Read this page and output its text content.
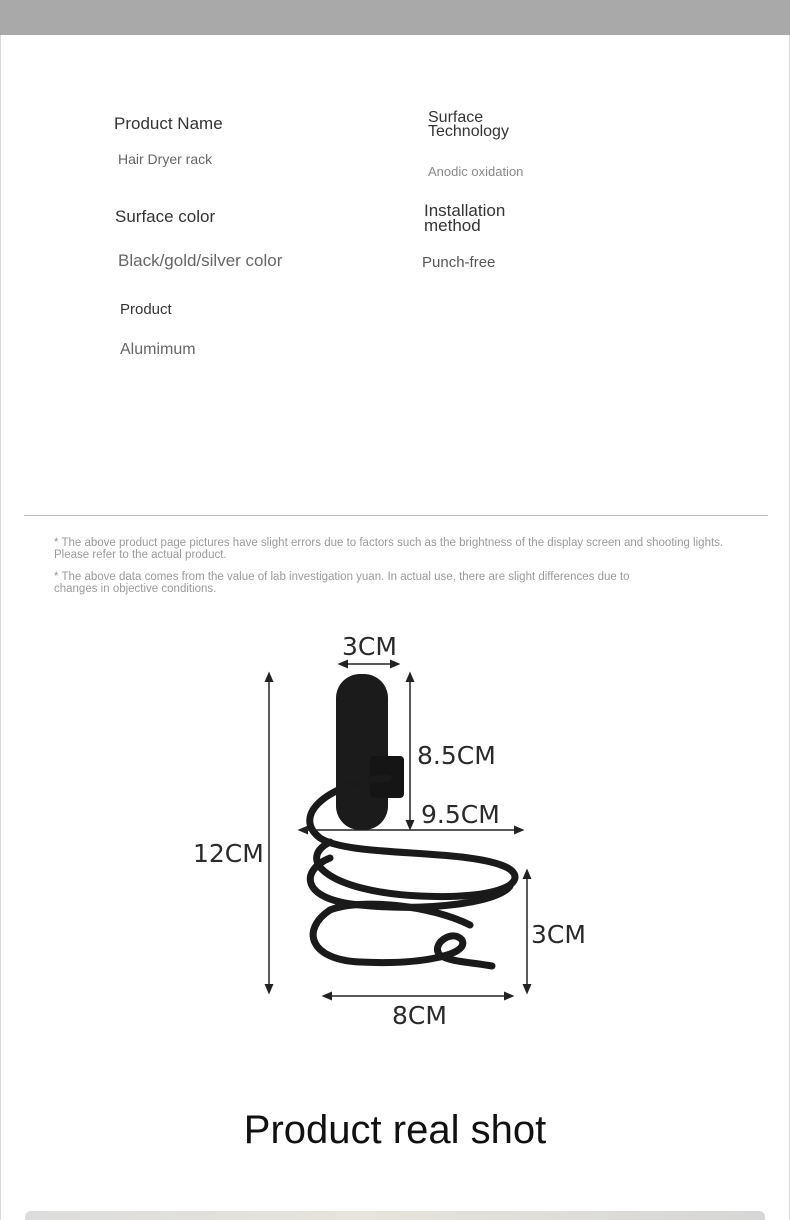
Product Name
Hair Dryer rack
Surface
Technology
Anodic oxidation
Surface color
Black/gold/silver color
Installation
method
Punch-free
Product
Alumimum
* The above product page pictures have slight errors due to factors such as the brightness of the display screen and shooting lights. Please refer to the actual product.
* The above data comes from the value of lab investigation yuan. In actual use, there are slight differences due to changes in objective conditions.
3CM
8.5CM
9.5CM
12CM
3CM
8CM
Product real shot
